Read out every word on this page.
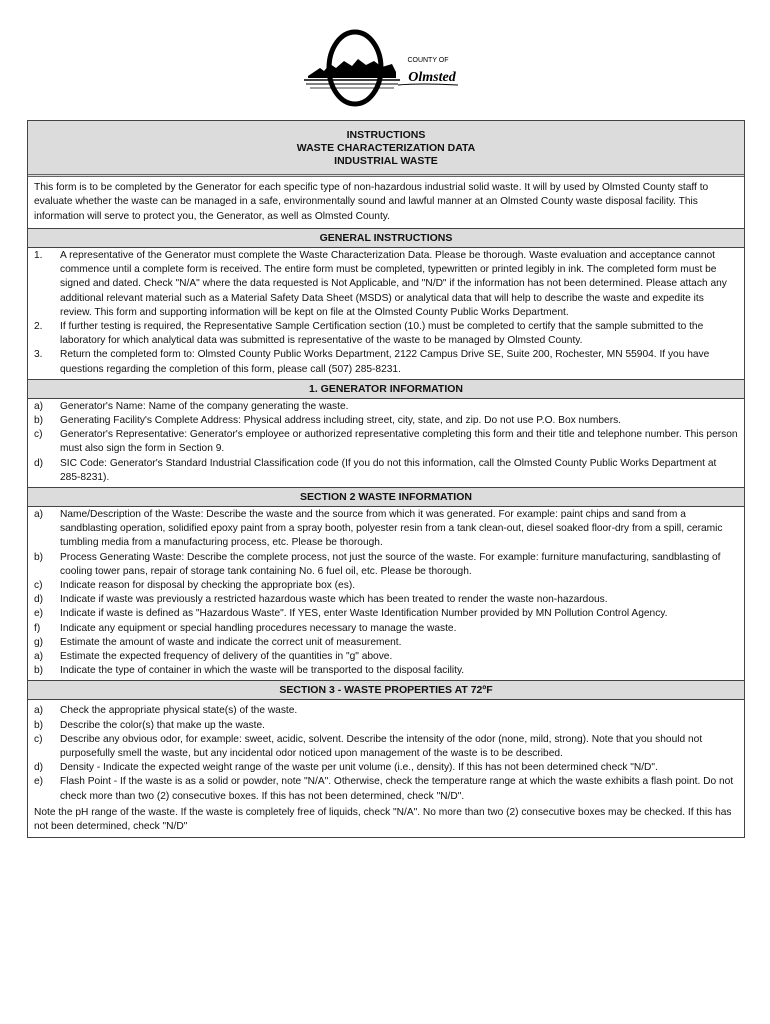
COUNTY OF
Olmsted
INSTRUCTIONS
WASTE CHARACTERIZATION DATA
INDUSTRIAL WASTE
This form is to be completed by the Generator for each specific type of non-hazardous industrial solid waste. It will by used by Olmsted County staff to evaluate whether the waste can be managed in a safe, environmentally sound and lawful manner at an Olmsted County waste disposal facility. This information will serve to protect you, the Generator, as well as Olmsted County.
GENERAL INSTRUCTIONS
1.	A representative of the Generator must complete the Waste Characterization Data. Please be thorough. Waste evaluation and acceptance cannot commence until a complete form is received. The entire form must be completed, typewritten or printed legibly in ink. The completed form must be signed and dated. Check "N/A" where the data requested is Not Applicable, and "N/D" if the information has not been determined. Please attach any additional relevant material such as a Material Safety Data Sheet (MSDS) or analytical data that will help to describe the waste and expedite its review. This form and supporting information will be kept on file at the Olmsted County Public Works Department.
2.	If further testing is required, the Representative Sample Certification section (10.) must be completed to certify that the sample submitted to the laboratory for which analytical data was submitted is representative of the waste to be managed by Olmsted County.
3.	Return the completed form to: Olmsted County Public Works Department, 2122 Campus Drive SE, Suite 200, Rochester, MN 55904. If you have questions regarding the completion of this form, please call (507) 285-8231.
1. GENERATOR INFORMATION
a)	Generator's Name: Name of the company generating the waste.
b)	Generating Facility's Complete Address: Physical address including street, city, state, and zip. Do not use P.O. Box numbers.
c)	Generator's Representative: Generator's employee or authorized representative completing this form and their title and telephone number. This person must also sign the form in Section 9.
d)	SIC Code: Generator's Standard Industrial Classification code (If you do not this information, call the Olmsted County Public Works Department at 285-8231).
SECTION 2 WASTE INFORMATION
a)	Name/Description of the Waste: Describe the waste and the source from which it was generated. For example: paint chips and sand from a sandblasting operation, solidified epoxy paint from a spray booth, polyester resin from a tank clean-out, diesel soaked floor-dry from a spill, ceramic tumbling media from a manufacturing process, etc. Please be thorough.
b)	Process Generating Waste: Describe the complete process, not just the source of the waste. For example: furniture manufacturing, sandblasting of cooling tower pans, repair of storage tank containing No. 6 fuel oil, etc. Please be thorough.
c)	Indicate reason for disposal by checking the appropriate box (es).
d)	Indicate if waste was previously a restricted hazardous waste which has been treated to render the waste non-hazardous.
e)	Indicate if waste is defined as "Hazardous Waste". If YES, enter Waste Identification Number provided by MN Pollution Control Agency.
f)	Indicate any equipment or special handling procedures necessary to manage the waste.
g)	Estimate the amount of waste and indicate the correct unit of measurement.
a)	Estimate the expected frequency of delivery of the quantities in "g" above.
b)	Indicate the type of container in which the waste will be transported to the disposal facility.
SECTION 3 - WASTE PROPERTIES AT 72ºF
a)	Check the appropriate physical state(s) of the waste.
b)	Describe the color(s) that make up the waste.
c)	Describe any obvious odor, for example: sweet, acidic, solvent. Describe the intensity of the odor (none, mild, strong). Note that you should not purposefully smell the waste, but any incidental odor noticed upon management of the waste is to be described.
d)	Density - Indicate the expected weight range of the waste per unit volume (i.e., density). If this has not been determined check "N/D".
e)	Flash Point - If the waste is as a solid or powder, note "N/A". Otherwise, check the temperature range at which the waste exhibits a flash point. Do not check more than two (2) consecutive boxes. If this has not been determined, check "N/D".
Note the pH range of the waste. If the waste is completely free of liquids, check "N/A". No more than two (2) consecutive boxes may be checked. If this has not been determined, check "N/D"
